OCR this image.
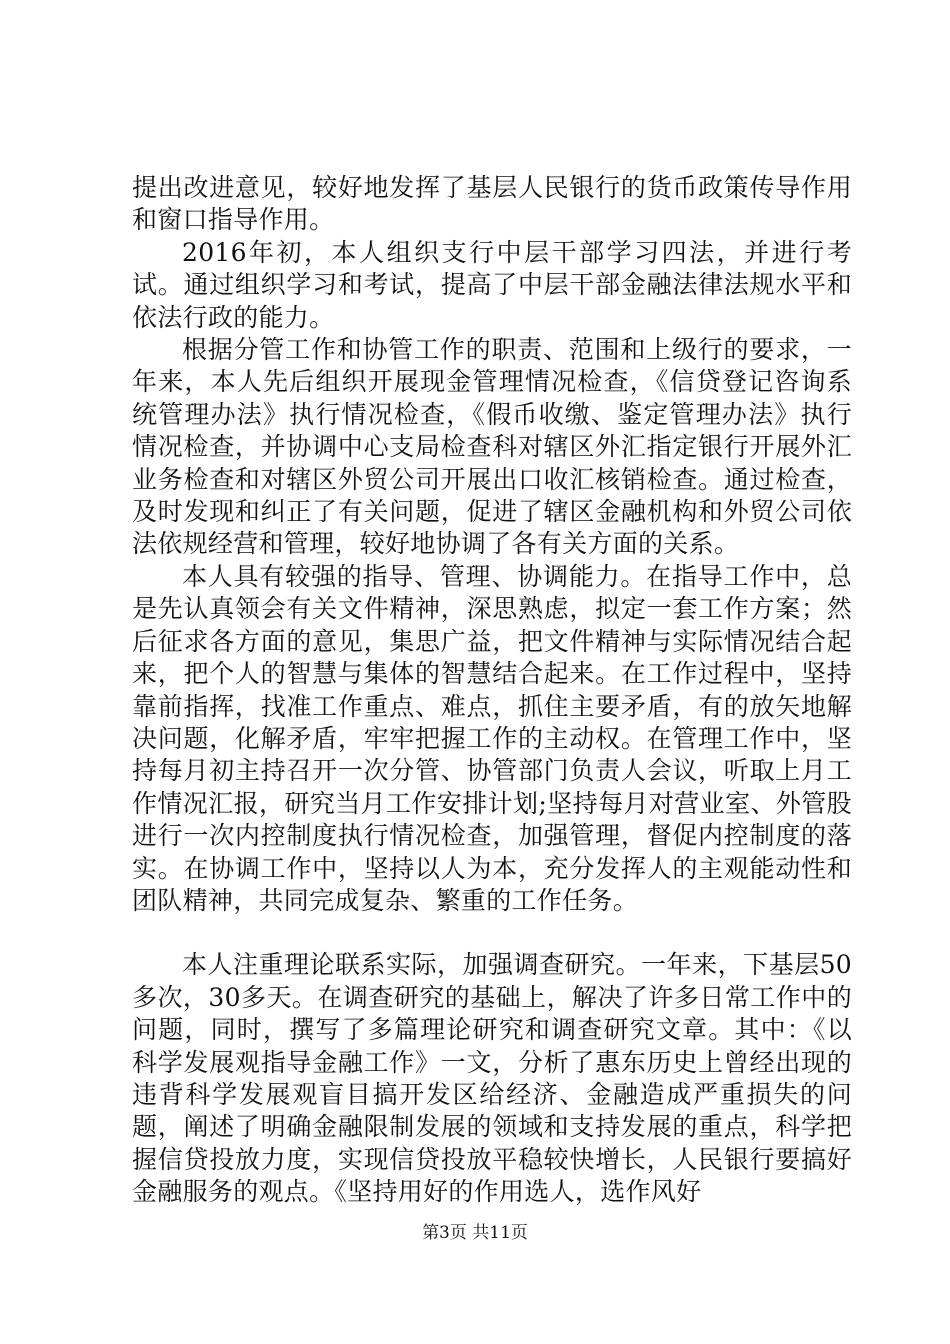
提出改进意见，较好地发挥了基层人民银行的货币政策传导作用和窗口指导作用。

2016年初，本人组织支行中层干部学习四法，并进行考试。通过组织学习和考试，提高了中层干部金融法律法规水平和依法行政的能力。

根据分管工作和协管工作的职责、范围和上级行的要求，一年来，本人先后组织开展现金管理情况检查，《信贷登记咨询系统管理办法》执行情况检查，《假币收缴、鉴定管理办法》执行情况检查，并协调中心支局检查科对辖区外汇指定银行开展外汇业务检查和对辖区外贸公司开展出口收汇核销检查。通过检查，及时发现和纠正了有关问题，促进了辖区金融机构和外贸公司依法依规经营和管理，较好地协调了各有关方面的关系。

本人具有较强的指导、管理、协调能力。在指导工作中，总是先认真领会有关文件精神，深思熟虑，拟定一套工作方案；然后征求各方面的意见，集思广益，把文件精神与实际情况结合起来，把个人的智慧与集体的智慧结合起来。在工作过程中，坚持靠前指挥，找准工作重点、难点，抓住主要矛盾，有的放矢地解决问题，化解矛盾，牢牢把握工作的主动权。在管理工作中，坚持每月初主持召开一次分管、协管部门负责人会议，听取上月工作情况汇报，研究当月工作安排计划;坚持每月对营业室、外管股进行一次内控制度执行情况检查，加强管理，督促内控制度的落实。在协调工作中，坚持以人为本，充分发挥人的主观能动性和团队精神，共同完成复杂、繁重的工作任务。

本人注重理论联系实际，加强调查研究。一年来，下基层50多次，30多天。在调查研究的基础上，解决了许多日常工作中的问题，同时，撰写了多篇理论研究和调查研究文章。其中：《以科学发展观指导金融工作》一文，分析了惠东历史上曾经出现的违背科学发展观盲目搞开发区给经济、金融造成严重损失的问题，阐述了明确金融限制发展的领域和支持发展的重点，科学把握信贷投放力度，实现信贷投放平稳较快增长，人民银行要搞好金融服务的观点。《坚持用好的作用选人，选作风好

第3页 共11页
